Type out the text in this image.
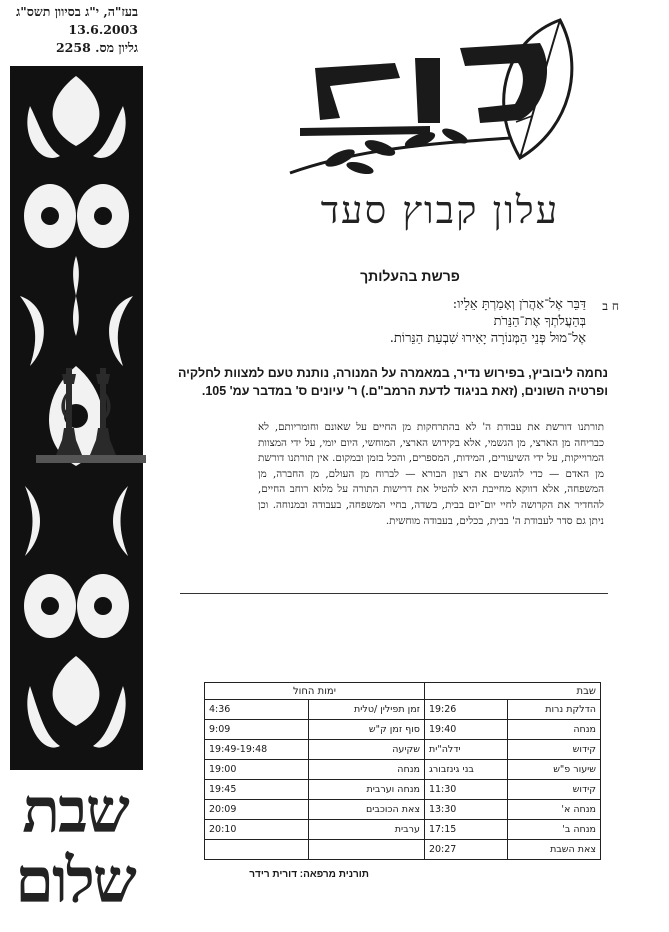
בעז"ה, י"ג בסיוון תשס"ג
13.6.2003
גליון מס. 2258
שבת
שלום
עלון קבוץ סעד
פרשת בהעלותך
ח ב
דַּבֵּר אֶל־אַהֲרֹן וְאָמַרְתָּ אֵלָיו:
בְּהַעֲלֹתְךָ אֶת־הַנֵּרֹת
אֶל־מוּל פְּנֵי הַמְּנוֹרָה יָאִירוּ שִׁבְעַת הַנֵּרוֹת.
נחמה ליבוביץ, בפירוש נדיר, במאמרה על המנורה, נותנת טעם למצוות לחלקיה ופרטיה השונים, (זאת בניגוד לדעת הרמב"ם.) ר' עיונים ס' במדבר עמ' 105.
תורתנו דורשת את עבודת ה' לא בהתרחקות מן החיים על שאונם וחומריותם, לא כבריחה מן הארצי, מן הגשמי, אלא בקידוש הארצי, המוחשי, היום יומי, על ידי המצוות המרוייקות, על ידי השיעורים, המידות, המספרים, והכל בזמן ובמקום. אין תורתנו דורשת מן האדם — כדי להגשים את רצון הבורא — לברוח מן העולם, מן החברה, מן המשפחה, אלא דווקא מחייבת היא להטיל את דרישות התורה על מלוא רוחב החיים, להחדיר את הקדושה לחיי יום־יום בבית, בשדה, בחיי המשפחה, בעבודה ובמנוחה. וכן ניתן גם סדר לעבודת ה' בבית, בכלים, בעבודה מוחשית.
שבת		ימות החול	
הדלקת נרות	19:26	זמן תפילין /טלית	4:36
מנחה	19:40	סוף זמן ק"ש	9:09
קידוש	ידלה"ית	שקיעה	19:49-19:48
שיעור פ"ש	בני גינזבורג	מנחה	19:00
קידוש	11:30	מנחה וערבית	19:45
מנחה א'	13:30	צאת הכוכבים	20:09
מנחה ב'	17:15	ערבית	20:10
צאת השבת	20:27		
תורנית מרפאה: דורית רידר
